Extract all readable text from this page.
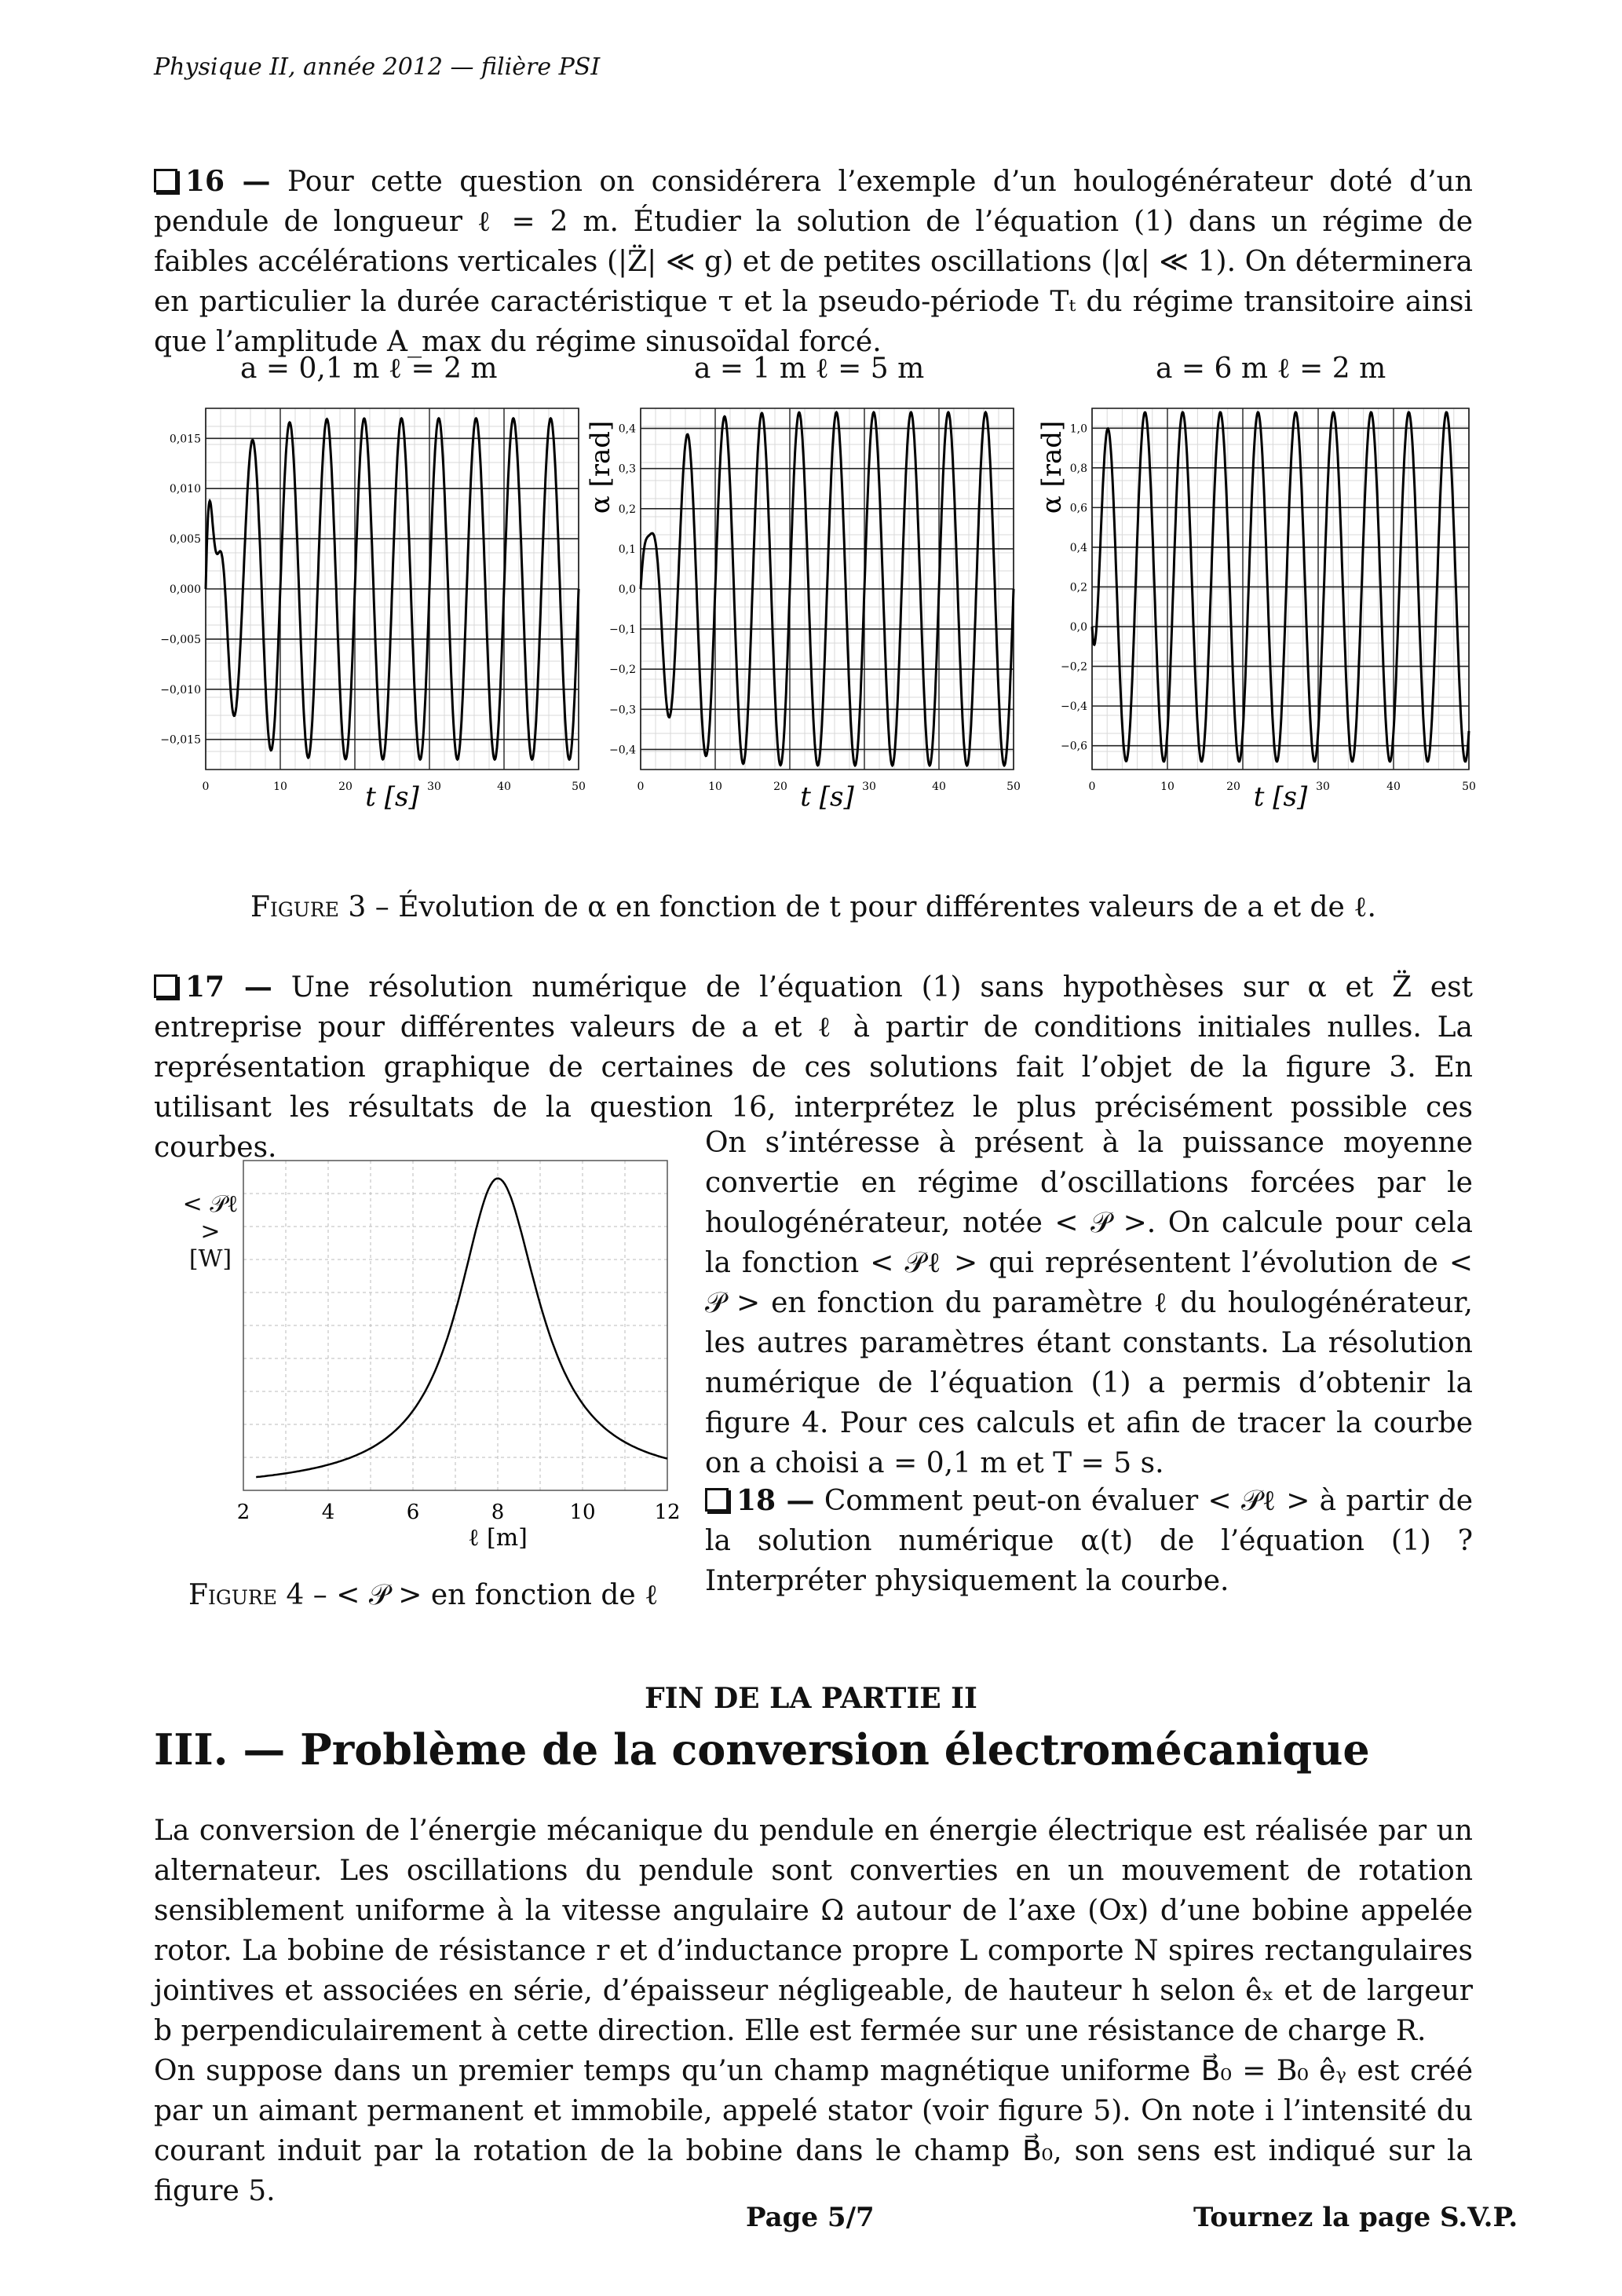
Physique II, année 2012 — filière PSI
16 — Pour cette question on considérera l’exemple d’un houlogénérateur doté d’un pendule de longueur ℓ = 2 m. Étudier la solution de l’équation (1) dans un régime de faibles accélérations verticales (|Z̈| ≪ g) et de petites oscillations (|α| ≪ 1). On déterminera en particulier la durée caractéristique τ et la pseudo-période Tₜ du régime transitoire ainsi que l’amplitude A_max du régime sinusoïdal forcé.
a = 0,1 m ℓ = 2 m	a = 1 m ℓ = 5 m	a = 6 m ℓ = 2 m
0,015
0,010
0,005
0,000
−0,005
−0,010
−0,015
0	10	20	30	40	50
t [s]
0,4
0,3
0,2
0,1
0,0
−0,1
−0,2
−0,3
−0,4
0	10	20	30	40	50
t [s]
α [rad]	1,0
0,8
0,6
0,4
0,2
0,0
−0,2
−0,4
−0,6
0	10	20	30	40	50
t [s]
α [rad]
Figure 3 – Évolution de α en fonction de t pour différentes valeurs de a et de ℓ.
17 — Une résolution numérique de l’équation (1) sans hypothèses sur α et Z̈ est entreprise pour différentes valeurs de a et ℓ à partir de conditions initiales nulles. La représentation graphique de certaines de ces solutions fait l’objet de la figure 3. En utilisant les résultats de la question 16, interprétez le plus précisément possible ces courbes.
< 𝒫ℓ >
[W]
2	4	6	8	10	12
ℓ [m]
Figure 4 – < 𝒫 > en fonction de ℓ
On s’intéresse à présent à la puissance moyenne convertie en régime d’oscillations forcées par le houlogénérateur, notée < 𝒫 >. On calcule pour cela la fonction < 𝒫ℓ > qui représentent l’évolution de < 𝒫 > en fonction du paramètre ℓ du houlogénérateur, les autres paramètres étant constants. La résolution numérique de l’équation (1) a permis d’obtenir la figure 4. Pour ces calculs et afin de tracer la courbe on a choisi a = 0,1 m et T = 5 s.
18 — Comment peut-on évaluer < 𝒫ℓ > à partir de la solution numérique α(t) de l’équation (1) ? Interpréter physiquement la courbe.
FIN DE LA PARTIE II
III. — Problème de la conversion électromécanique
La conversion de l’énergie mécanique du pendule en énergie électrique est réalisée par un alternateur. Les oscillations du pendule sont converties en un mouvement de rotation sensiblement uniforme à la vitesse angulaire Ω autour de l’axe (Ox) d’une bobine appelée rotor. La bobine de résistance r et d’inductance propre L comporte N spires rectangulaires jointives et associées en série, d’épaisseur négligeable, de hauteur h selon êₓ et de largeur b perpendiculairement à cette direction. Elle est fermée sur une résistance de charge R.
On suppose dans un premier temps qu’un champ magnétique uniforme B⃗₀ = B₀ êᵧ est créé par un aimant permanent et immobile, appelé stator (voir figure 5). On note i l’intensité du courant induit par la rotation de la bobine dans le champ B⃗₀, son sens est indiqué sur la figure 5.
Page 5/7	Tournez la page S.V.P.
